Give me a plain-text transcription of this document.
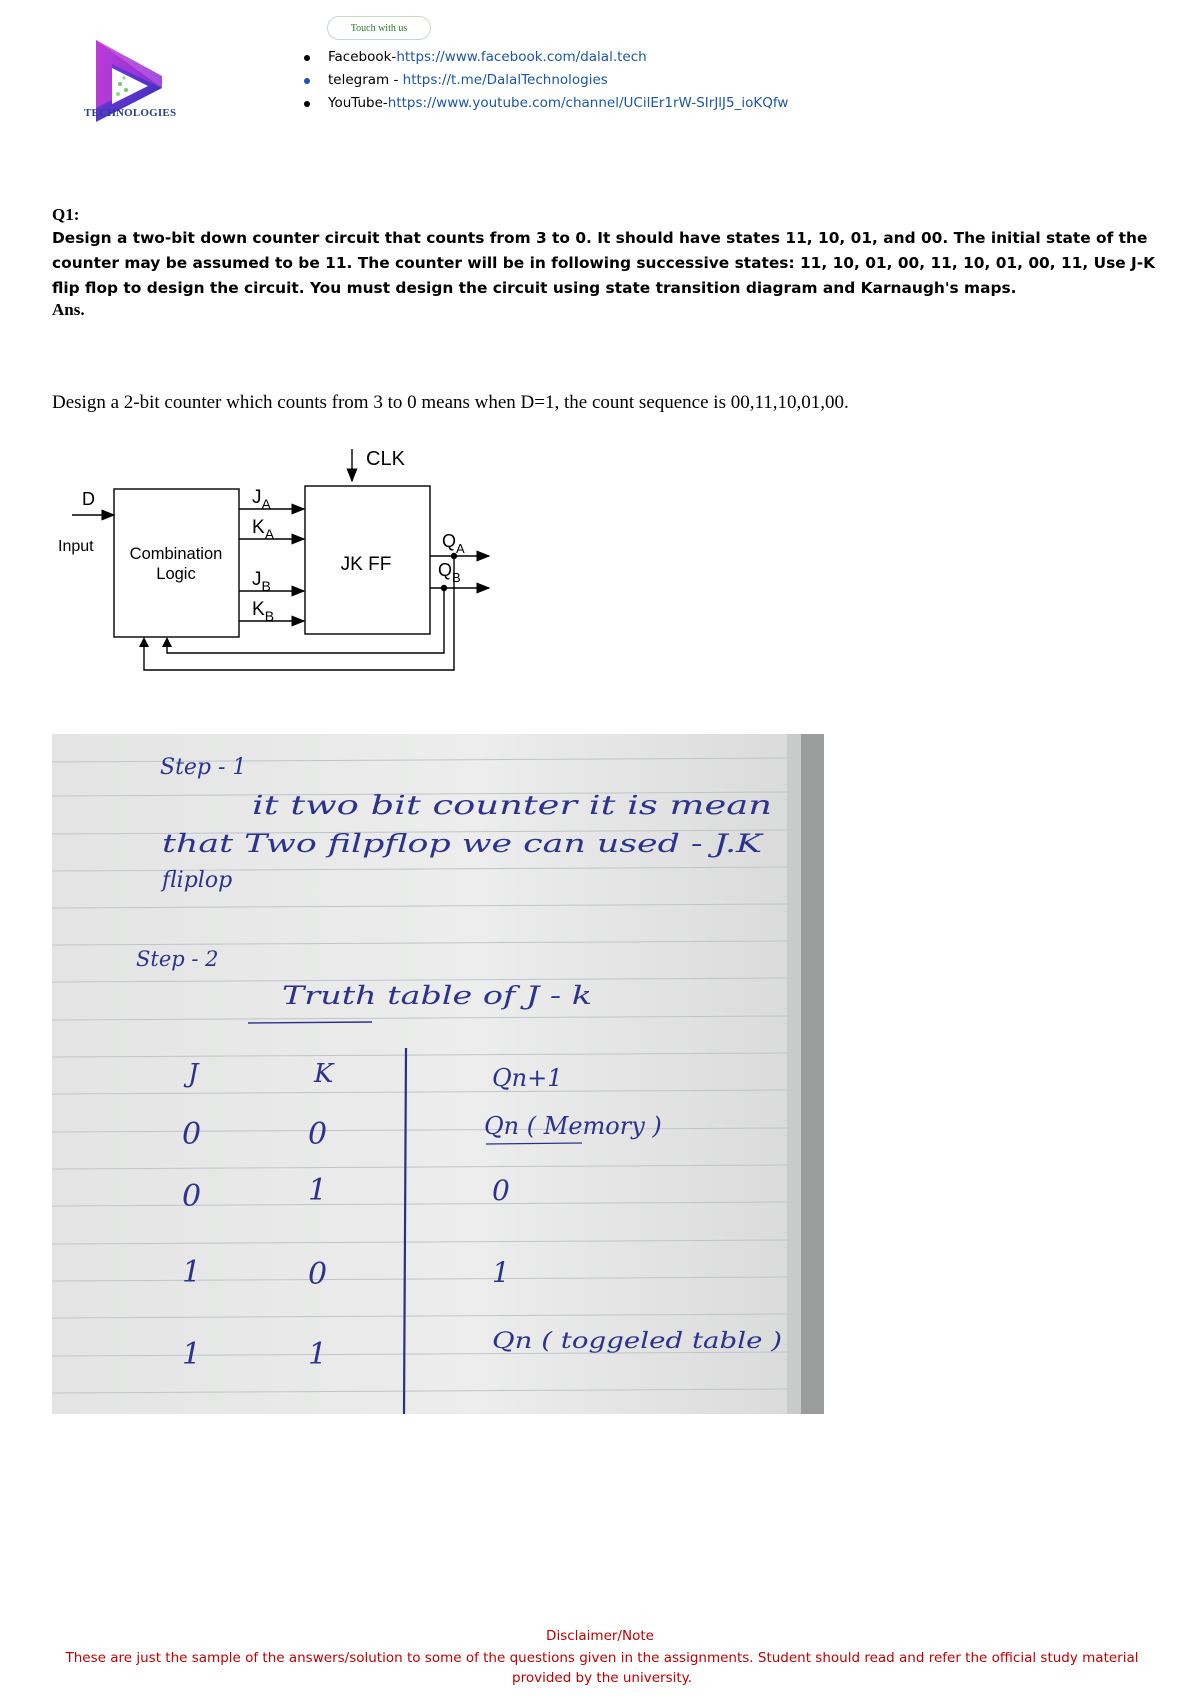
TECHNOLOGIES
Touch with us
Facebook-https://www.facebook.com/dalal.tech
telegram - https://t.me/DalalTechnologies
YouTube-https://www.youtube.com/channel/UCilEr1rW-SIrJlJ5_ioKQfw
Q1:
Design a two-bit down counter circuit that counts from 3 to 0. It should have states 11, 10, 01, and 00. The initial state of the counter may be assumed to be 11. The counter will be in following successive states: 11, 10, 01, 00, 11, 10, 01, 00, 11, Use J-K flip flop to design the circuit. You must design the circuit using state transition diagram and Karnaugh's maps.
Ans.
Design a 2-bit counter which counts from 3 to 0 means when D=1, the count sequence is 00,11,10,01,00.
CLK
D
Input Combination
Logic	JK FF
$J_A$
$K_A$
$J_B$
$K_B$
$Q_A$
$Q_B$
Step - 1
it two bit counter it is mean
that Two filpflop we can used - J.K
fliplop
Step - 2
Truth table of J - k
J	K	Qn+1
0	0	Qn ( Memory )
0	1	0
1	0	1
1	1	Qn ( toggeled table )
Disclaimer/Note
These are just the sample of the answers/solution to some of the questions given in the assignments. Student should read and refer the official study material provided by the university.
